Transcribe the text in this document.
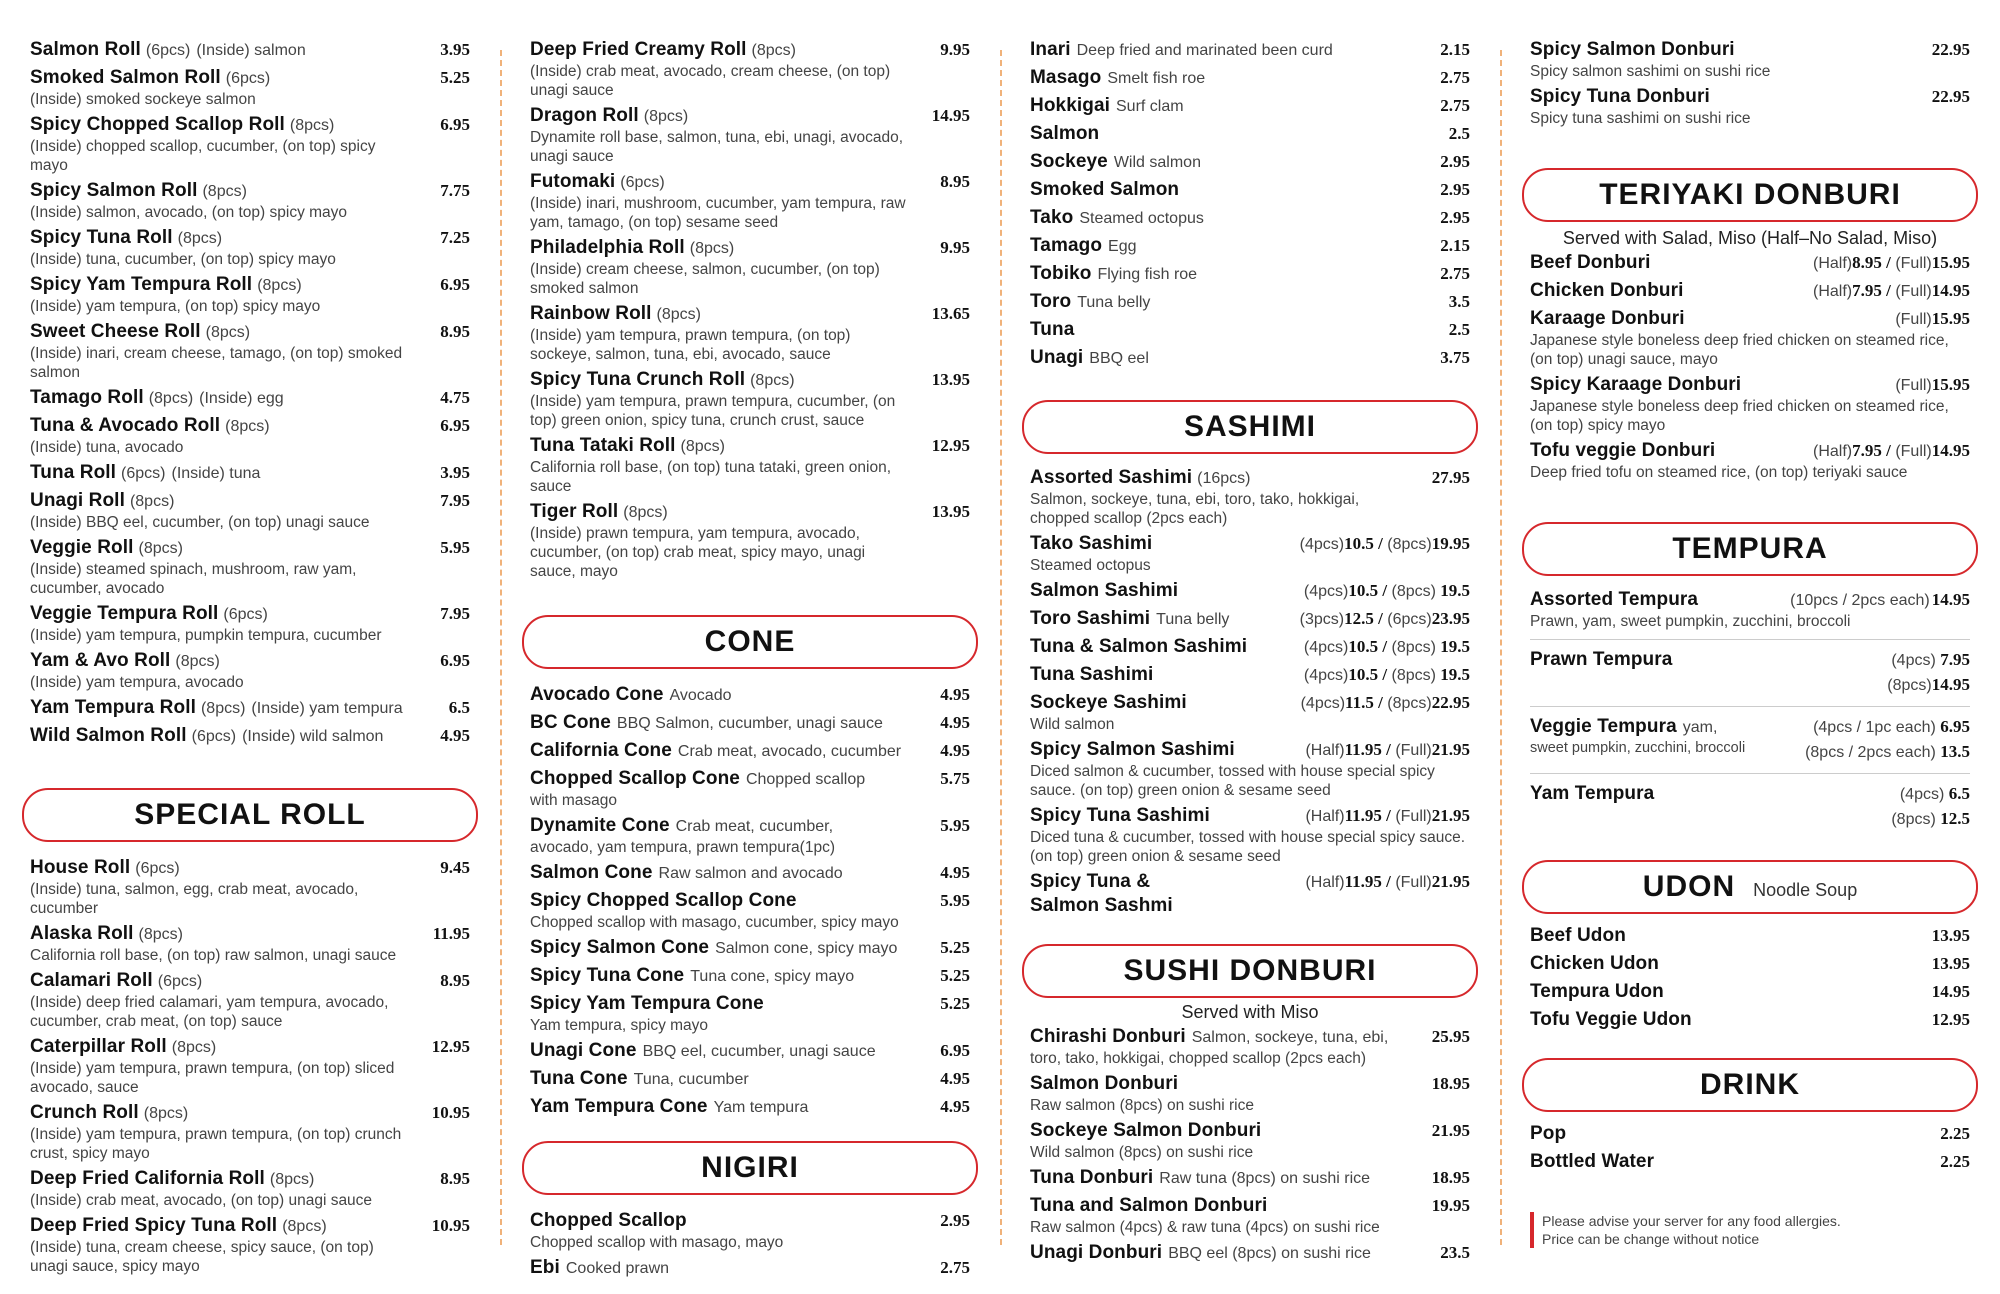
Salmon Roll (6pcs) (Inside) salmon	3.95
Smoked Salmon Roll (6pcs)
(Inside) smoked sockeye salmon
5.25
Spicy Chopped Scallop Roll (8pcs)
(Inside) chopped scallop, cucumber, (on top) spicy mayo
6.95
Spicy Salmon Roll (8pcs)
(Inside) salmon, avocado, (on top) spicy mayo
7.75
Spicy Tuna Roll (8pcs)
(Inside) tuna, cucumber, (on top) spicy mayo
7.25
Spicy Yam Tempura Roll (8pcs)
(Inside) yam tempura, (on top) spicy mayo
6.95
Sweet Cheese Roll (8pcs)
(Inside) inari, cream cheese, tamago, (on top) smoked salmon
8.95
Tamago Roll (8pcs) (Inside) egg	4.75
Tuna & Avocado Roll (8pcs)
(Inside) tuna, avocado
6.95
Tuna Roll (6pcs) (Inside) tuna	3.95
Unagi Roll (8pcs)
(Inside) BBQ eel, cucumber, (on top) unagi sauce
7.95
Veggie Roll (8pcs)
(Inside) steamed spinach, mushroom, raw yam, cucumber, avocado
5.95
Veggie Tempura Roll (6pcs)
(Inside) yam tempura, pumpkin tempura, cucumber
7.95
Yam & Avo Roll (8pcs)
(Inside) yam tempura, avocado
6.95
Yam Tempura Roll (8pcs) (Inside) yam tempura	6.5
Wild Salmon Roll (6pcs) (Inside) wild salmon	4.95
SPECIAL ROLL
House Roll (6pcs)
(Inside) tuna, salmon, egg, crab meat, avocado, cucumber
9.45
Alaska Roll (8pcs)
California roll base, (on top) raw salmon, unagi sauce
11.95
Calamari Roll (6pcs)
(Inside) deep fried calamari, yam tempura, avocado, cucumber, crab meat, (on top) sauce
8.95
Caterpillar Roll (8pcs)
(Inside) yam tempura, prawn tempura, (on top) sliced avocado, sauce
12.95
Crunch Roll (8pcs)
(Inside) yam tempura, prawn tempura, (on top) crunch crust, spicy mayo
10.95
Deep Fried California Roll (8pcs)
(Inside) crab meat, avocado, (on top) unagi sauce
8.95
Deep Fried Spicy Tuna Roll (8pcs)
(Inside) tuna, cream cheese, spicy sauce, (on top) unagi sauce, spicy mayo
10.95
Deep Fried Creamy Roll (8pcs)
(Inside) crab meat, avocado, cream cheese, (on top) unagi sauce
9.95
Dragon Roll (8pcs)
Dynamite roll base, salmon, tuna, ebi, unagi, avocado, unagi sauce
14.95
Futomaki (6pcs)
(Inside) inari, mushroom, cucumber, yam tempura, raw yam, tamago, (on top) sesame seed
8.95
Philadelphia Roll (8pcs)
(Inside) cream cheese, salmon, cucumber, (on top) smoked salmon
9.95
Rainbow Roll (8pcs)
(Inside) yam tempura, prawn tempura, (on top) sockeye, salmon, tuna, ebi, avocado, sauce
13.65
Spicy Tuna Crunch Roll (8pcs)
(Inside) yam tempura, prawn tempura, cucumber, (on top) green onion, spicy tuna, crunch crust, sauce
13.95
Tuna Tataki Roll (8pcs)
California roll base, (on top) tuna tataki, green onion, sauce
12.95
Tiger Roll (8pcs)
(Inside) prawn tempura, yam tempura, avocado, cucumber, (on top) crab meat, spicy mayo, unagi sauce, mayo
13.95
CONE
Avocado Cone Avocado	4.95
BC Cone BBQ Salmon, cucumber, unagi sauce	4.95
California Cone Crab meat, avocado, cucumber 4.95
Chopped Scallop Cone Chopped scallop
with masago
5.75
Dynamite Cone Crab meat, cucumber,
avocado, yam tempura, prawn tempura(1pc)
5.95
Salmon Cone Raw salmon and avocado	4.95
Spicy Chopped Scallop Cone
Chopped scallop with masago, cucumber, spicy mayo
5.95
Spicy Salmon Cone Salmon cone, spicy mayo	5.25
Spicy Tuna Cone Tuna cone, spicy mayo	5.25
Spicy Yam Tempura Cone
Yam tempura, spicy mayo
5.25
Unagi Cone BBQ eel, cucumber, unagi sauce	6.95
Tuna Cone Tuna, cucumber	4.95
Yam Tempura Cone Yam tempura	4.95
NIGIRI
Chopped Scallop
Chopped scallop with masago, mayo
2.95
Ebi Cooked prawn	2.75
Inari Deep fried and marinated been curd	2.15
Masago Smelt fish roe	2.75
Hokkigai Surf clam	2.75
Salmon	2.5
Sockeye Wild salmon	2.95
Smoked Salmon	2.95
Tako Steamed octopus	2.95
Tamago Egg	2.15
Tobiko Flying fish roe	2.75
Toro Tuna belly	3.5
Tuna	2.5
Unagi BBQ eel	3.75
SASHIMI
Assorted Sashimi (16pcs)
Salmon, sockeye, tuna, ebi, toro, tako, hokkigai, chopped scallop (2pcs each)
27.95
Tako Sashimi
Steamed octopus
(4pcs)10.5 / (8pcs)19.95
Salmon Sashimi	(4pcs)10.5 / (8pcs) 19.5
Toro Sashimi Tuna belly	(3pcs)12.5 / (6pcs)23.95
Tuna & Salmon Sashimi	(4pcs)10.5 / (8pcs) 19.5
Tuna Sashimi	(4pcs)10.5 / (8pcs) 19.5
Sockeye Sashimi
Wild salmon
(4pcs)11.5 / (8pcs)22.95
Spicy Salmon Sashimi
Diced salmon & cucumber, tossed with house special spicy sauce. (on top) green onion & sesame seed
(Half)11.95 / (Full)21.95
Spicy Tuna Sashimi
Diced tuna & cucumber, tossed with house special spicy sauce. (on top) green onion & sesame seed
(Half)11.95 / (Full)21.95
Spicy Tuna &
Salmon Sashmi
(Half)11.95 / (Full)21.95
SUSHI DONBURI
Served with Miso
Chirashi Donburi Salmon, sockeye, tuna, ebi,
toro, tako, hokkigai, chopped scallop (2pcs each)
25.95
Salmon Donburi
Raw salmon (8pcs) on sushi rice
18.95
Sockeye Salmon Donburi
Wild salmon (8pcs) on sushi rice
21.95
Tuna Donburi Raw tuna (8pcs) on sushi rice	18.95
Tuna and Salmon Donburi
Raw salmon (4pcs) & raw tuna (4pcs) on sushi rice
19.95
Unagi Donburi BBQ eel (8pcs) on sushi rice	23.5
Spicy Salmon Donburi
Spicy salmon sashimi on sushi rice
22.95
Spicy Tuna Donburi
Spicy tuna sashimi on sushi rice
22.95
TERIYAKI DONBURI
Served with Salad, Miso (Half–No Salad, Miso)
Beef Donburi	(Half)8.95 / (Full)15.95
Chicken Donburi	(Half)7.95 / (Full)14.95
Karaage Donburi
Japanese style boneless deep fried chicken on steamed rice, (on top) unagi sauce, mayo
(Full)15.95
Spicy Karaage Donburi
Japanese style boneless deep fried chicken on steamed rice, (on top) spicy mayo
(Full)15.95
Tofu veggie Donburi
Deep fried tofu on steamed rice, (on top) teriyaki sauce
(Half)7.95 / (Full)14.95
TEMPURA
Assorted Tempura	(10pcs / 2pcs each) 14.95
Prawn, yam, sweet pumpkin, zucchini, broccoli
Prawn Tempura	(4pcs) 7.95
(8pcs)14.95
Veggie Tempura yam,
sweet pumpkin, zucchini, broccoli
(4pcs / 1pc each) 6.95
(8pcs / 2pcs each) 13.5
Yam Tempura	(4pcs) 6.5
(8pcs) 12.5
UDON Noodle Soup
Beef Udon	13.95
Chicken Udon	13.95
Tempura Udon	14.95
Tofu Veggie Udon	12.95
DRINK
Pop	2.25
Bottled Water	2.25
Please advise your server for any food allergies.
Price can be change without notice
